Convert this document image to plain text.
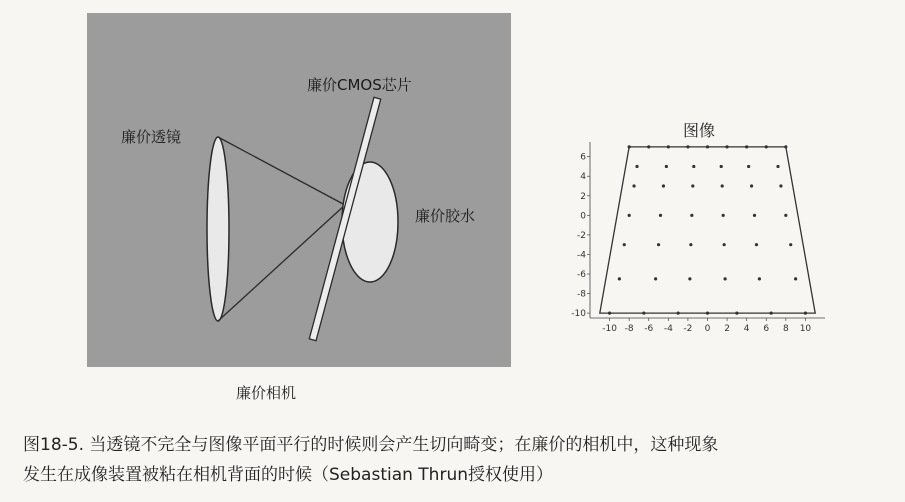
廉价透镜
廉价CMOS芯片
廉价胶水
廉价相机
图像
-10 -8 -6 -4 -2 0 2 4 6 8 10
-10
-8
-6
-4
-2
0
2
4
6

图18-5. 当透镜不完全与图像平面平行的时候则会产生切向畸变；在廉价的相机中，这种现象

发生在成像装置被粘在相机背面的时候（Sebastian Thrun授权使用）
